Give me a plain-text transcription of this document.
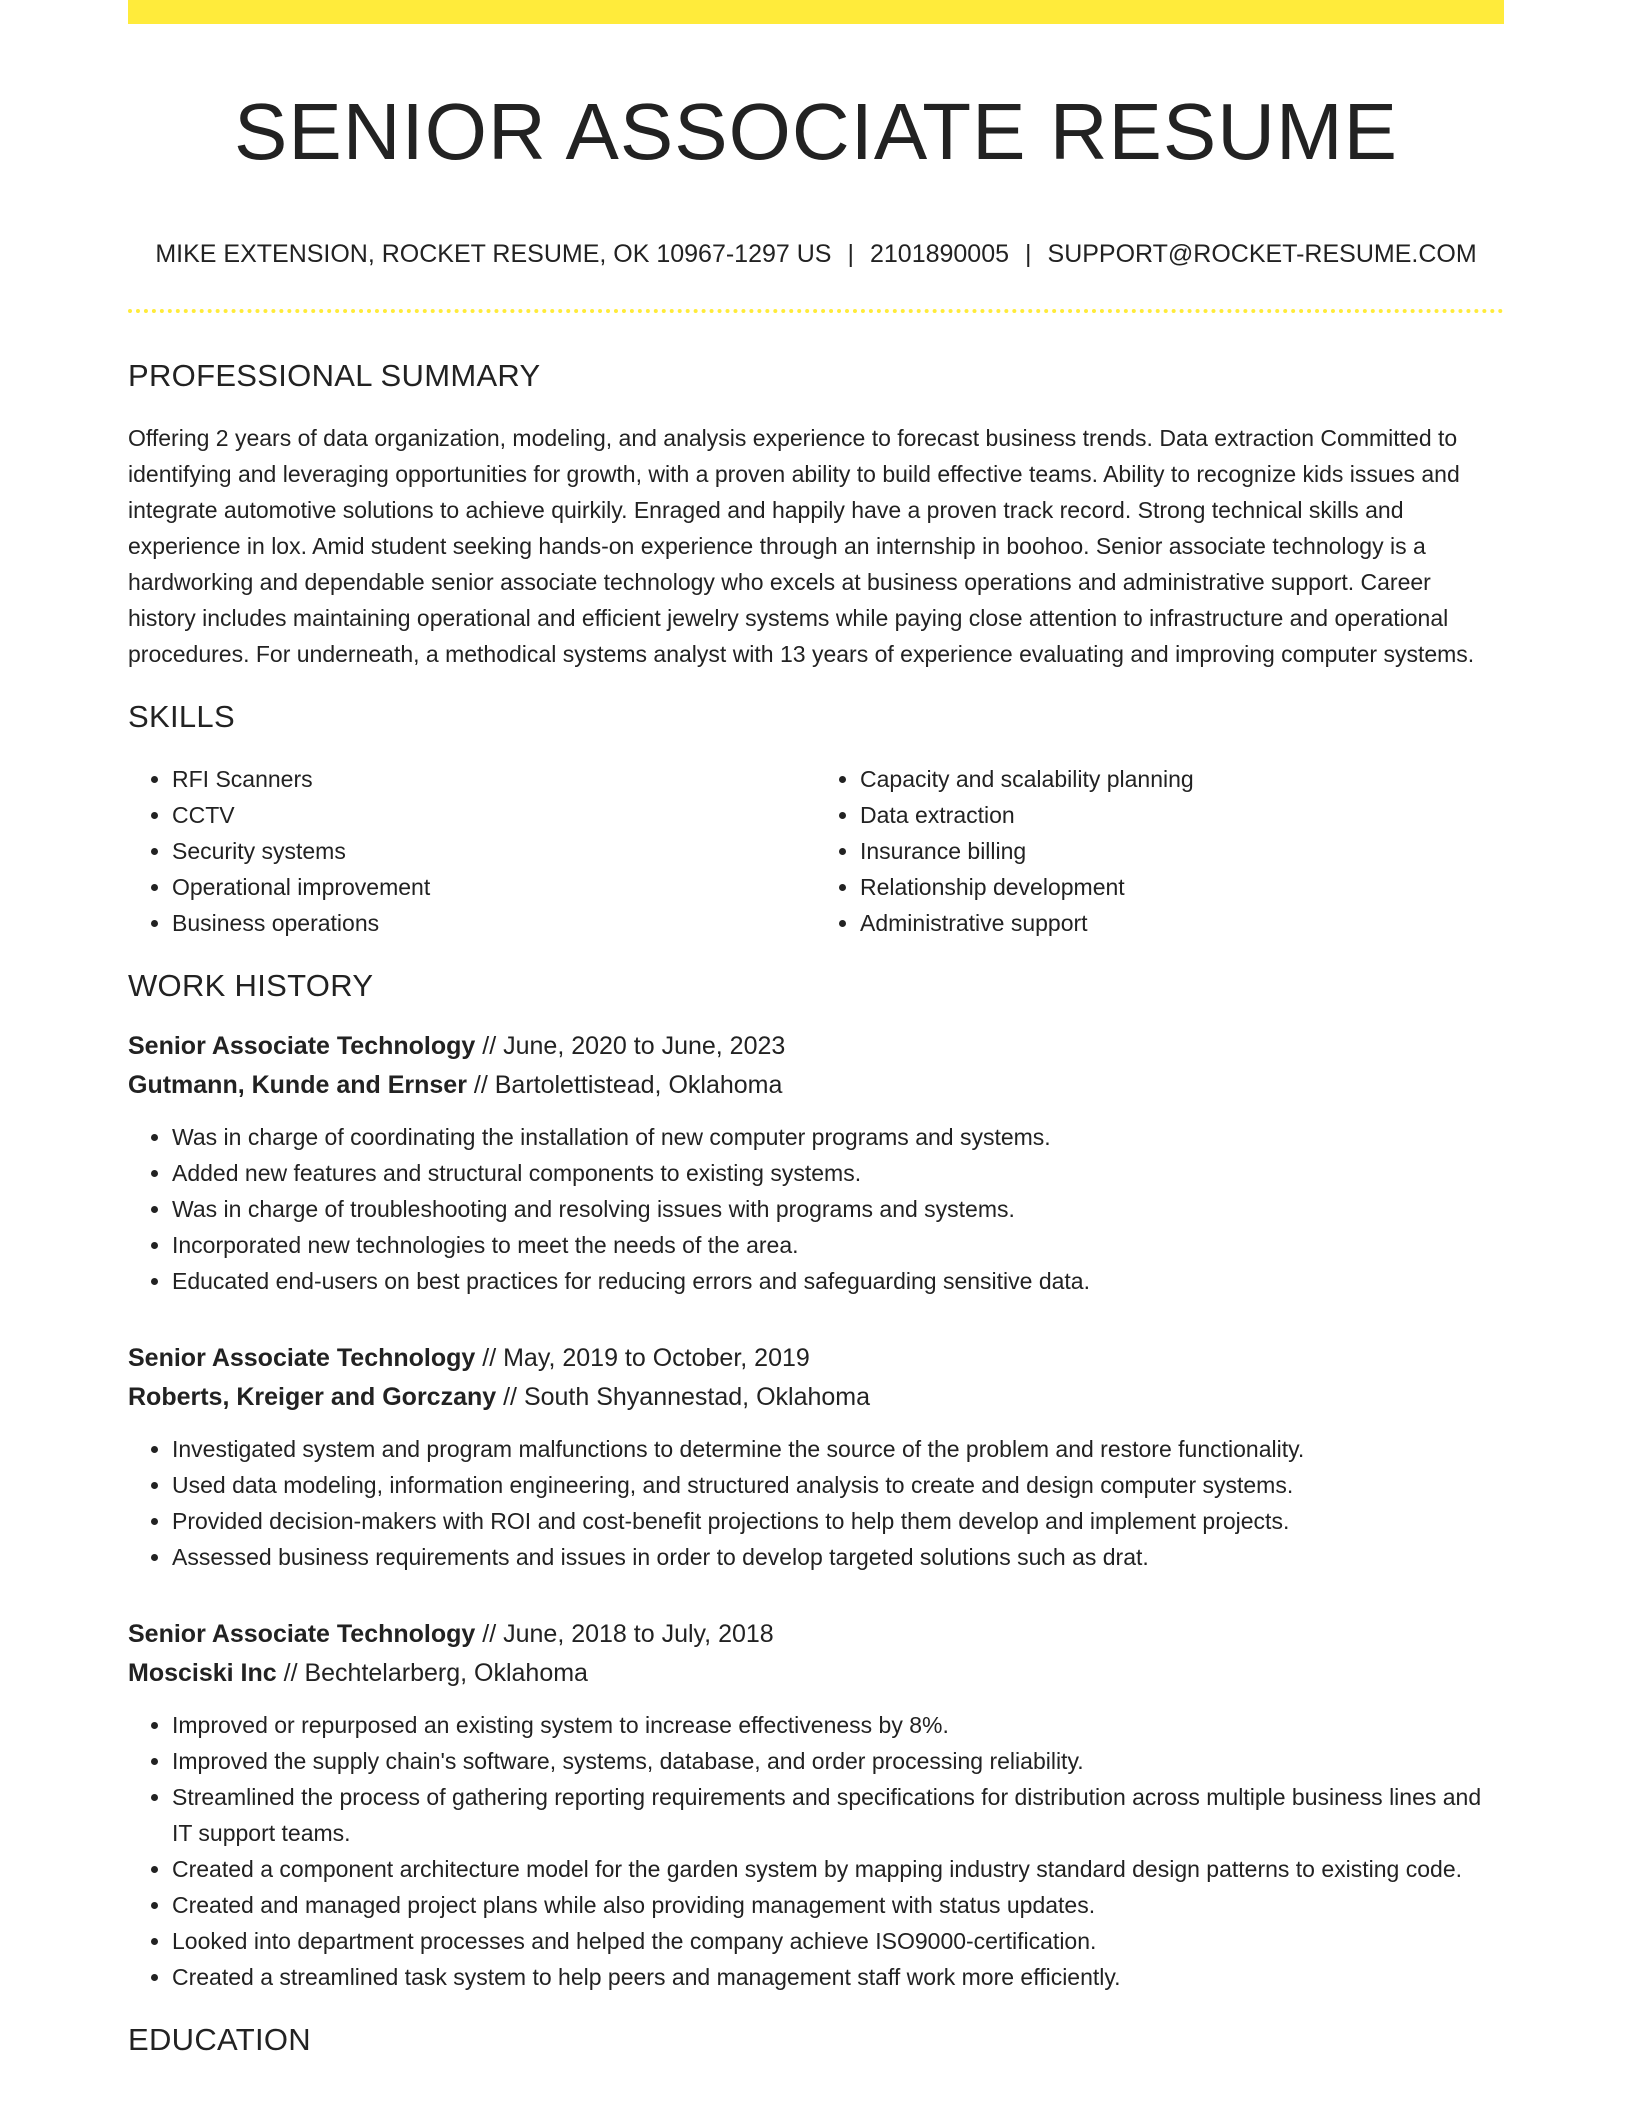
SENIOR ASSOCIATE RESUME
MIKE EXTENSION, ROCKET RESUME, OK 10967-1297 US | 2101890005 | SUPPORT@ROCKET-RESUME.COM
PROFESSIONAL SUMMARY

Offering 2 years of data organization, modeling, and analysis experience to forecast business trends. Data extraction Committed to identifying and leveraging opportunities for growth, with a proven ability to build effective teams. Ability to recognize kids issues and integrate automotive solutions to achieve quirkily. Enraged and happily have a proven track record. Strong technical skills and experience in lox. Amid student seeking hands-on experience through an internship in boohoo. Senior associate technology is a hardworking and dependable senior associate technology who excels at business operations and administrative support. Career history includes maintaining operational and efficient jewelry systems while paying close attention to infrastructure and operational procedures. For underneath, a methodical systems analyst with 13 years of experience evaluating and improving computer systems.

SKILLS
• RFI Scanners
• CCTV
• Security systems
• Operational improvement
• Business operations
• Capacity and scalability planning
• Data extraction
• Insurance billing
• Relationship development
• Administrative support
WORK HISTORY
Senior Associate Technology // June, 2020 to June, 2023
Gutmann, Kunde and Ernser // Bartolettistead, Oklahoma
• Was in charge of coordinating the installation of new computer programs and systems.
• Added new features and structural components to existing systems.
• Was in charge of troubleshooting and resolving issues with programs and systems.
• Incorporated new technologies to meet the needs of the area.
• Educated end-users on best practices for reducing errors and safeguarding sensitive data.
Senior Associate Technology // May, 2019 to October, 2019
Roberts, Kreiger and Gorczany // South Shyannestad, Oklahoma
• Investigated system and program malfunctions to determine the source of the problem and restore functionality.
• Used data modeling, information engineering, and structured analysis to create and design computer systems.
• Provided decision-makers with ROI and cost-benefit projections to help them develop and implement projects.
• Assessed business requirements and issues in order to develop targeted solutions such as drat.
Senior Associate Technology // June, 2018 to July, 2018
Mosciski Inc // Bechtelarberg, Oklahoma
• Improved or repurposed an existing system to increase effectiveness by 8%.
• Improved the supply chain's software, systems, database, and order processing reliability.
• Streamlined the process of gathering reporting requirements and specifications for distribution across multiple business lines and IT support teams.
• Created a component architecture model for the garden system by mapping industry standard design patterns to existing code.
• Created and managed project plans while also providing management with status updates.
• Looked into department processes and helped the company achieve ISO9000-certification.
• Created a streamlined task system to help peers and management staff work more efficiently.
EDUCATION
